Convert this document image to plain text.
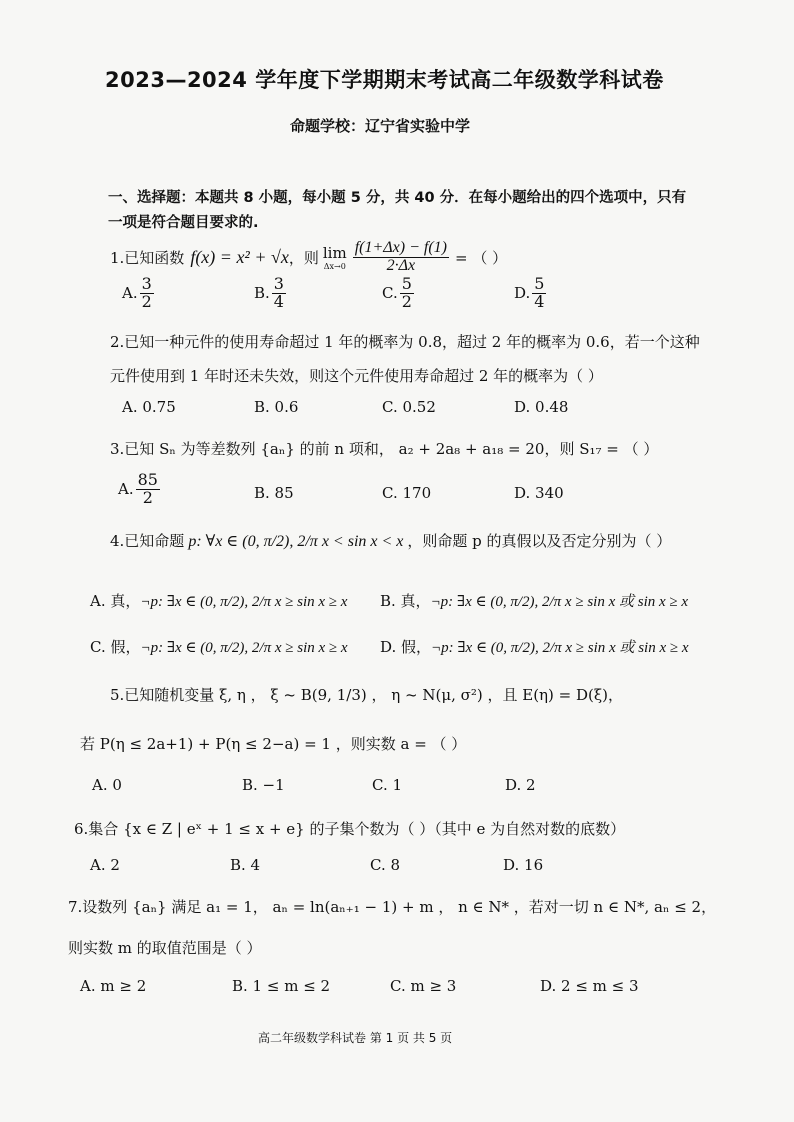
2023—2024 学年度下学期期末考试高二年级数学科试卷
命题学校：辽宁省实验中学
一、选择题：本题共 8 小题，每小题 5 分，共 40 分．在每小题给出的四个选项中，只有
一项是符合题目要求的.
1.已知函数 f(x) = x² + √x ，则 lim
$\Delta x\to 0 \frac{f(1+\Delta x) - f(1)}{2\cdot\Delta x}$ = （ ）
A. $\frac{3}{2}$	B. $\frac{3}{4}$	C. $\frac{5}{2}$	D. $\frac{5}{4}$
2.已知一种元件的使用寿命超过 1 年的概率为 0.8，超过 2 年的概率为 0.6，若一个这种
元件使用到 1 年时还未失效，则这个元件使用寿命超过 2 年的概率为（ ）
A. 0.75	B. 0.6	C. 0.52	D. 0.48
3.已知 Sₙ 为等差数列 {aₙ} 的前 n 项和， a₂ + 2a₈ + a₁₈ = 20，则 S₁₇ = （ ）
A. $\frac{85}{2}$	B. 85	C. 170	D. 340
4.已知命题 p: ∀x ∈ (0, π/2), 2/π x < sin x < x ，则命题 p 的真假以及否定分别为（ ）
A. 真，¬p: ∃x ∈ (0, π/2), 2/π x ≥ sin x ≥ x B. 真，¬p: ∃x ∈ (0, π/2), 2/π x ≥ sin x 或 sin x ≥ x
C. 假，¬p: ∃x ∈ (0, π/2), 2/π x ≥ sin x ≥ x D. 假，¬p: ∃x ∈ (0, π/2), 2/π x ≥ sin x 或 sin x ≥ x
5.已知随机变量 ξ, η ， ξ ~ B(9, 1/3) ， η ~ N(μ, σ²) ，且 E(η) = D(ξ)，
若 P(η ≤ 2a+1) + P(η ≤ 2−a) = 1 ，则实数 a = （ ）
A. 0	B. −1	C. 1	D. 2
6.集合 {x ∈ Z | eˣ + 1 ≤ x + e} 的子集个数为（ ）（其中 e 为自然对数的底数）
A. 2	B. 4	C. 8	D. 16
7.设数列 {aₙ} 满足 a₁ = 1， aₙ = ln(aₙ₊₁ − 1) + m ， n ∈ N* ，若对一切 n ∈ N*, aₙ ≤ 2，
则实数 m 的取值范围是（ ）
A. m ≥ 2	B. 1 ≤ m ≤ 2	C. m ≥ 3	D. 2 ≤ m ≤ 3
高二年级数学科试卷 第 1 页 共 5 页
